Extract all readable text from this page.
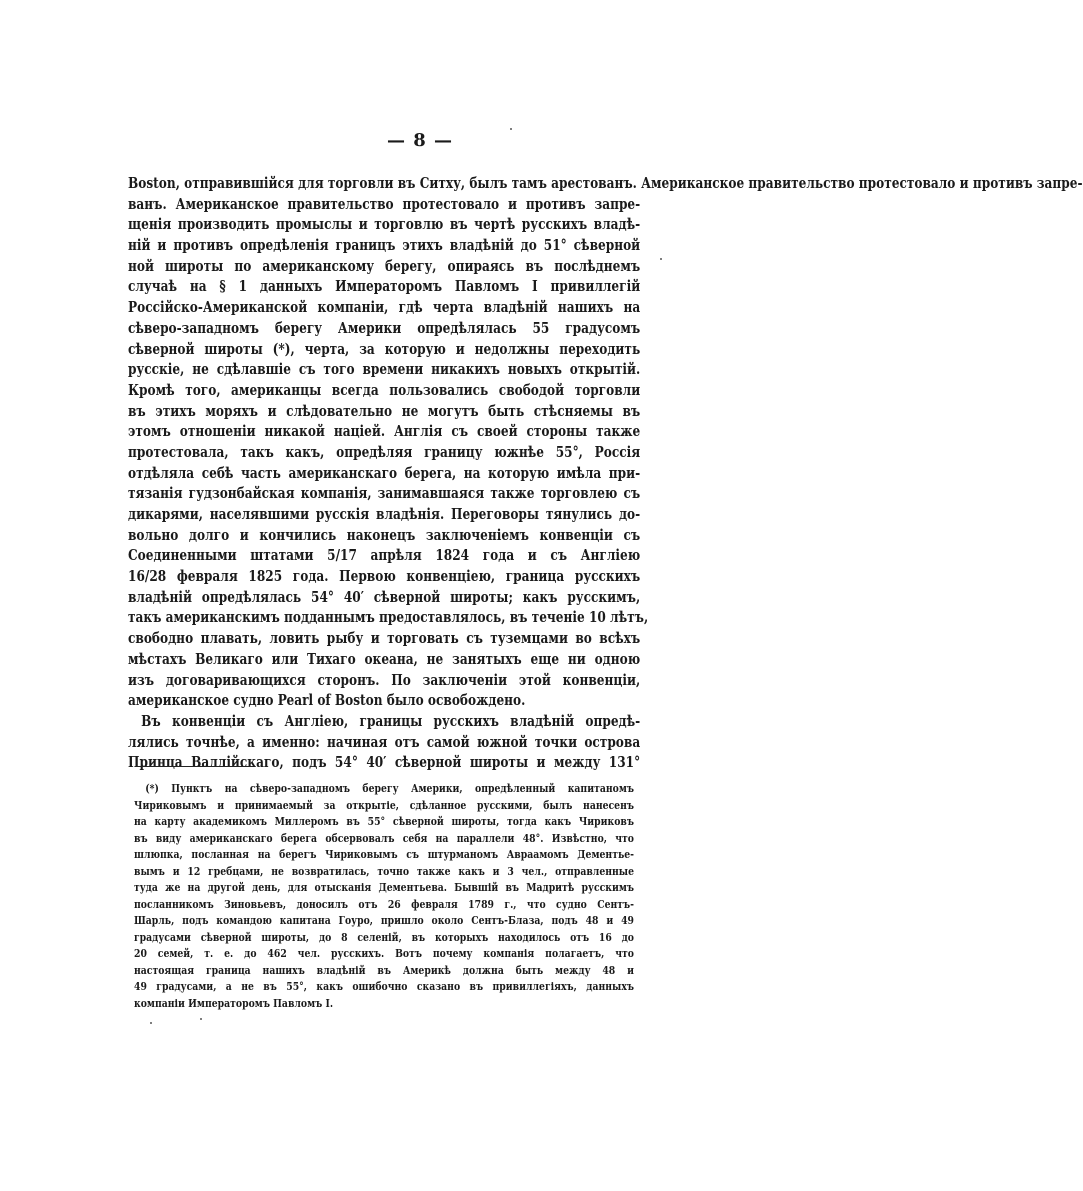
— 8 —
Boston, отправившійся для торговли въ Ситху, былъ тамъ арестованъ. Американское правительство протестовало и противъ запре-
ванъ. Американское правительство протестовало и противъ запре-
щенія производить промыслы и торговлю въ чертѣ русскихъ владѣ-
ній и противъ опредѣленія границъ этихъ владѣній до 51° сѣверной
ной широты по американскому берегу, опираясь въ послѣднемъ
случаѣ на § 1 данныхъ Императоромъ Павломъ I привиллегій
Россійско-Американской компаніи, гдѣ черта владѣній нашихъ на
сѣверо-западномъ берегу Америки опредѣлялась 55 градусомъ
сѣверной широты (*), черта, за которую и недолжны переходить
русскіе, не сдѣлавшіе съ того времени никакихъ новыхъ открытій.
Кромѣ того, американцы всегда пользовались свободой торговли
въ этихъ моряхъ и слѣдовательно не могутъ быть стѣсняемы въ
этомъ отношеніи никакой націей. Англія съ своей стороны также
протестовала, такъ какъ, опредѣляя границу южнѣе 55°, Россія
отдѣляла себѣ часть американскаго берега, на которую имѣла при-
тязанія гудзонбайская компанія, занимавшаяся также торговлею съ
дикарями, населявшими русскія владѣнія. Переговоры тянулись до-
вольно долго и кончились наконецъ заключеніемъ конвенціи съ
Соединенными штатами 5/17 апрѣля 1824 года и съ Англіею
16/28 февраля 1825 года. Первою конвенціею, граница русскихъ
владѣній опредѣлялась 54° 40′ сѣверной широты; какъ русскимъ,
такъ американскимъ подданнымъ предоставлялось, въ теченіе 10 лѣтъ,
свободно плавать, ловить рыбу и торговать съ туземцами во всѣхъ
мѣстахъ Великаго или Тихаго океана, не занятыхъ еще ни одною
изъ договаривающихся сторонъ. По заключеніи этой конвенціи,
американское судно Pearl of Boston было освобождено.
Въ конвенціи съ Англіею, границы русскихъ владѣній опредѣ-
лялись точнѣе, а именно: начиная отъ самой южной точки острова
Принца Валлійскаго, подъ 54° 40′ сѣверной широты и между 131°
(*) Пунктъ на сѣверо-западномъ берегу Америки, опредѣленный капитаномъ
Чириковымъ и принимаемый за открытіе, сдѣланное русскими, былъ нанесенъ
на карту академикомъ Миллеромъ въ 55° сѣверной широты, тогда какъ Чириковъ
въ виду американскаго берега обсервовалъ себя на параллели 48°. Извѣстно, что
шлюпка, посланная на берегъ Чириковымъ съ штурманомъ Авраамомъ Дементье-
вымъ и 12 гребцами, не возвратилась, точно также какъ и 3 чел., отправленные
туда же на другой день, для отысканія Дементьева. Бывшій въ Мадритѣ русскимъ
посланникомъ Зиновьевъ, доносилъ отъ 26 февраля 1789 г., что судно Сентъ-
Шарль, подъ командою капитана Гоуро, пришло около Сентъ-Блаза, подъ 48 и 49
градусами сѣверной широты, до 8 селеній, въ которыхъ находилось отъ 16 до
20 семей, т. е. до 462 чел. русскихъ. Вотъ почему компанія полагаетъ, что
настоящая граница нашихъ владѣній въ Америкѣ должна быть между 48 и
49 градусами, а не въ 55°, какъ ошибочно сказано въ привиллегіяхъ, данныхъ
компаніи Императоромъ Павломъ I.
